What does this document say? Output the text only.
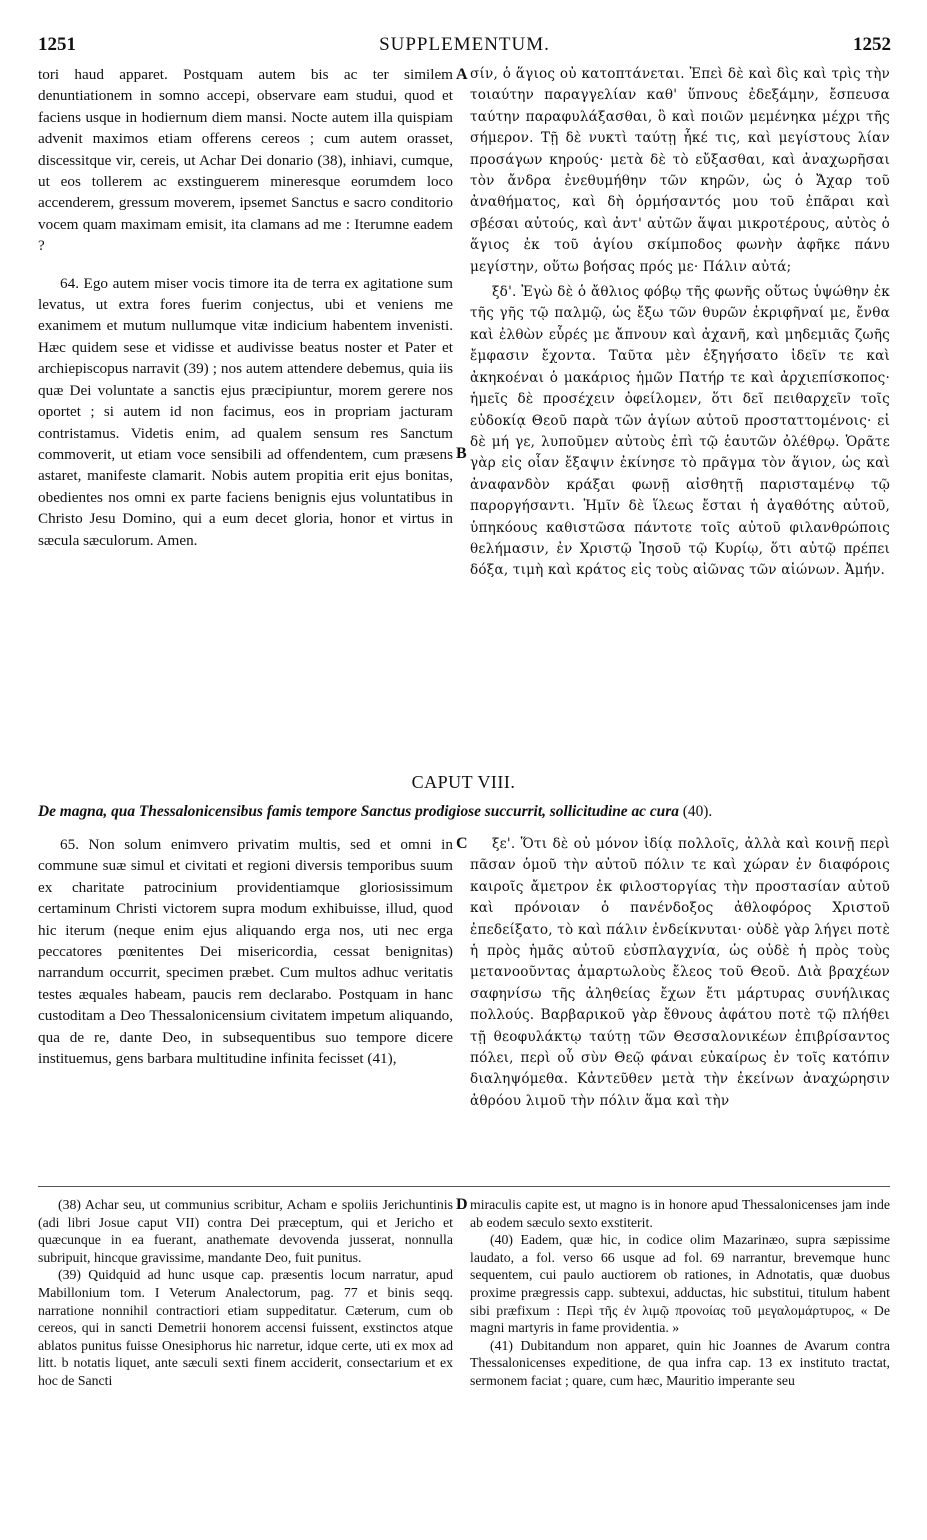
1251	SUPPLEMENTUM.	1252
A
B
C
D

tori haud apparet. Postquam autem bis ac ter similem denuntiationem in somno accepi, observare eam studui, quod et faciens usque in hodiernum diem mansi. Nocte autem illa quispiam advenit maximos etiam offerens cereos ; cum autem orasset, discessitque vir, cereis, ut Achar Dei donario (38), inhiavi, cumque, ut eos tollerem ac exstinguerem mineresque eorumdem loco accenderem, gressum moverem, ipsemet Sanctus e sacro conditorio vocem quam maximam emisit, ita clamans ad me : Iterumne eadem ?

64. Ego autem miser vocis timore ita de terra ex agitatione sum levatus, ut extra fores fuerim conjectus, ubi et veniens me exanimem et mutum nullumque vitæ indicium habentem invenisti. Hæc quidem sese et vidisse et audivisse beatus noster et Pater et archiepiscopus narravit (39) ; nos autem attendere debemus, quia iis quæ Dei voluntate a sanctis ejus præcipiuntur, morem gerere nos oportet ; si autem id non facimus, eos in propriam jacturam contristamus. Videtis enim, ad qualem sensum res Sanctum commoverit, ut etiam voce sensibili ad offendentem, cum præsens astaret, manifeste clamarit. Nobis autem propitia erit ejus bonitas, obedientes nos omni ex parte faciens benignis ejus voluntatibus in Christo Jesu Domino, qui a eum decet gloria, honor et virtus in sæcula sæculorum. Amen.

σίν, ὁ ἅγιος οὐ κατοπτάνεται. Ἐπεὶ δὲ καὶ δὶς καὶ τρὶς τὴν τοιαύτην παραγγελίαν καθ' ὕπνους ἐδεξάμην, ἔσπευσα ταύτην παραφυλάξασθαι, ὃ καὶ ποιῶν μεμένηκα μέχρι τῆς σήμερον. Τῇ δὲ νυκτὶ ταύτῃ ἧκέ τις, καὶ μεγίστους λίαν προσάγων κηρούς· μετὰ δὲ τὸ εὔξασθαι, καὶ ἀναχωρῆσαι τὸν ἄνδρα ἐνεθυμήθην τῶν κηρῶν, ὡς ὁ Ἄχαρ τοῦ ἀναθήματος, καὶ δὴ ὁρμήσαντός μου τοῦ ἐπᾶραι καὶ σβέσαι αὐτούς, καὶ ἀντ' αὐτῶν ἅψαι μικροτέρους, αὐτὸς ὁ ἅγιος ἐκ τοῦ ἁγίου σκίμποδος φωνὴν ἀφῆκε πάνυ μεγίστην, οὕτω βοήσας πρός με· Πάλιν αὐτά;

ξδ'. Ἐγὼ δὲ ὁ ἄθλιος φόβῳ τῆς φωνῆς οὕτως ὑψώθην ἐκ τῆς γῆς τῷ παλμῷ, ὡς ἔξω τῶν θυρῶν ἐκριφῆναί με, ἔνθα καὶ ἐλθὼν εὗρές με ἄπνουν καὶ ἀχανῆ, καὶ μηδεμιᾶς ζωῆς ἔμφασιν ἔχοντα. Ταῦτα μὲν ἐξηγήσατο ἰδεῖν τε καὶ ἀκηκοέναι ὁ μακάριος ἡμῶν Πατήρ τε καὶ ἀρχιεπίσκοπος· ἡμεῖς δὲ προσέχειν ὀφείλομεν, ὅτι δεῖ πειθαρχεῖν τοῖς εὐδοκίᾳ Θεοῦ παρὰ τῶν ἁγίων αὐτοῦ προσταττομένοις· εἰ δὲ μή γε, λυποῦμεν αὐτοὺς ἐπὶ τῷ ἑαυτῶν ὀλέθρῳ. Ὁρᾶτε γὰρ εἰς οἷαν ἔξαψιν ἐκίνησε τὸ πρᾶγμα τὸν ἅγιον, ὡς καὶ ἀναφανδὸν κράξαι φωνῇ αἰσθητῇ παρισταμένῳ τῷ παροργήσαντι. Ἡμῖν δὲ ἵλεως ἔσται ἡ ἀγαθότης αὐτοῦ, ὑπηκόους καθιστῶσα πάντοτε τοῖς αὐτοῦ φιλανθρώποις θελήμασιν, ἐν Χριστῷ Ἰησοῦ τῷ Κυρίῳ, ὅτι αὐτῷ πρέπει δόξα, τιμὴ καὶ κράτος εἰς τοὺς αἰῶνας τῶν αἰώνων. Ἀμήν.

CAPUT VIII.
De magna, qua Thessalonicensibus famis tempore Sanctus prodigiose succurrit, sollicitudine ac cura (40).

65. Non solum enimvero privatim multis, sed et omni in commune suæ simul et civitati et regioni diversis temporibus suum ex charitate patrocinium providentiamque gloriosissimum certaminum Christi victorem supra modum exhibuisse, illud, quod hic iterum (neque enim ejus aliquando erga nos, uti nec erga peccatores pœnitentes Dei misericordia, cessat benignitas) narrandum occurrit, specimen præbet. Cum multos adhuc veritatis testes æquales habeam, paucis rem declarabo. Postquam in hanc custoditam a Deo Thessalonicensium civitatem impetum aliquando, qua de re, dante Deo, in subsequentibus suo tempore dicere instituemus, gens barbara multitudine infinita fecisset (41),

ξε'. Ὅτι δὲ οὐ μόνον ἰδίᾳ πολλοῖς, ἀλλὰ καὶ κοινῇ περὶ πᾶσαν ὁμοῦ τὴν αὐτοῦ πόλιν τε καὶ χώραν ἐν διαφόροις καιροῖς ἄμετρον ἐκ φιλοστοργίας τὴν προστασίαν αὐτοῦ καὶ πρόνοιαν ὁ πανένδοξος ἀθλοφόρος Χριστοῦ ἐπεδείξατο, τὸ καὶ πάλιν ἐνδείκνυται· οὐδὲ γὰρ λήγει ποτὲ ἡ πρὸς ἡμᾶς αὐτοῦ εὐσπλαγχνία, ὡς οὐδὲ ἡ πρὸς τοὺς μετανοοῦντας ἁμαρτωλοὺς ἔλεος τοῦ Θεοῦ. Διὰ βραχέων σαφηνίσω τῆς ἀληθείας ἔχων ἔτι μάρτυρας συνήλικας πολλούς. Βαρβαρικοῦ γὰρ ἔθνους ἀφάτου ποτὲ τῷ πλήθει τῇ θεοφυλάκτῳ ταύτῃ τῶν Θεσσαλονικέων ἐπιβρίσαντος πόλει, περὶ οὗ σὺν Θεῷ φάναι εὐκαίρως ἐν τοῖς κατόπιν διαληψόμεθα. Κἀντεῦθεν μετὰ τὴν ἐκείνων ἀναχώρησιν ἀθρόου λιμοῦ τὴν πόλιν ἅμα καὶ τὴν

(38) Achar seu, ut communius scribitur, Acham e spoliis Jerichuntinis (adi libri Josue caput VII) contra Dei præceptum, qui et Jericho et quæcunque in ea fuerant, anathemate devovenda jusserat, nonnulla subripuit, hincque gravissime, mandante Deo, fuit punitus.

(39) Quidquid ad hunc usque cap. præsentis locum narratur, apud Mabillonium tom. I Veterum Analectorum, pag. 77 et binis seqq. narratione nonnihil contractiori etiam suppeditatur. Cæterum, cum ob cereos, qui in sancti Demetrii honorem accensi fuissent, exstinctos atque ablatos punitus fuisse Onesiphorus hic narretur, idque certe, uti ex mox ad litt. b notatis liquet, ante sæculi sexti finem acciderit, consectarium et ex hoc de Sancti

miraculis capite est, ut magno is in honore apud Thessalonicenses jam inde ab eodem sæculo sexto exstiterit.

(40) Eadem, quæ hic, in codice olim Mazarinæo, supra sæpissime laudato, a fol. verso 66 usque ad fol. 69 narrantur, brevemque hunc sequentem, cui paulo auctiorem ob rationes, in Adnotatis, quæ duobus proxime prægressis capp. subtexui, adductas, hic substitui, titulum habent sibi præfixum : Περὶ τῆς ἐν λιμῷ προνοίας τοῦ μεγαλομάρτυρος, « De magni martyris in fame providentia. »

(41) Dubitandum non apparet, quin hic Joannes de Avarum contra Thessalonicenses expeditione, de qua infra cap. 13 ex instituto tractat, sermonem faciat ; quare, cum hæc, Mauritio imperante seu
